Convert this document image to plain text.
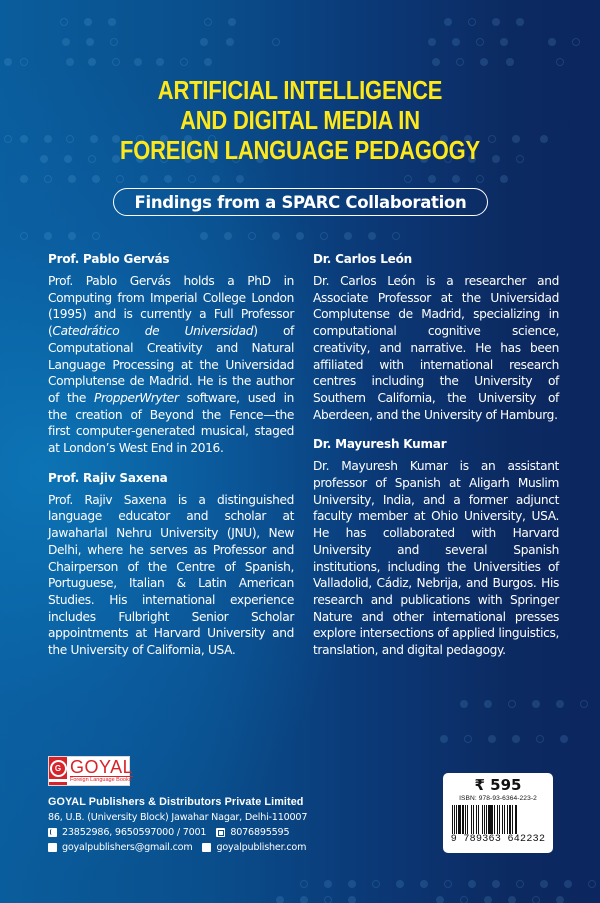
ARTIFICIAL INTELLIGENCE
AND DIGITAL MEDIA IN
FOREIGN LANGUAGE PEDAGOGY
Findings from a SPARC Collaboration
Prof. Pablo Gervás

Prof. Pablo Gervás holds a PhD in Computing from Imperial College London (1995) and is currently a Full Professor (Catedrático de Universidad) of Computational Creativity and Natural Language Processing at the Universidad Complutense de Madrid. He is the author of the PropperWryter software, used in the creation of Beyond the Fence—the first computer-generated musical, staged at London’s West End in 2016.

Prof. Rajiv Saxena

Prof. Rajiv Saxena is a distinguished language educator and scholar at Jawaharlal Nehru University (JNU), New Delhi, where he serves as Professor and Chairperson of the Centre of Spanish, Portuguese, Italian & Latin American Studies. His international experience includes Fulbright Senior Scholar appointments at Harvard University and the University of California, USA.

Dr. Carlos León

Dr. Carlos León is a researcher and Associate Professor at the Universidad Complutense de Madrid, specializing in computational cognitive science, creativity, and narrative. He has been affiliated with international research centres including the University of Southern California, the University of Aberdeen, and the University of Hamburg.

Dr. Mayuresh Kumar

Dr. Mayuresh Kumar is an assistant professor of Spanish at Aligarh Muslim University, India, and a former adjunct faculty member at Ohio University, USA. He has collaborated with Harvard University and several Spanish institutions, including the Universities of Valladolid, Cádiz, Nebrija, and Burgos. His research and publications with Springer Nature and other international presses explore intersections of applied linguistics, translation, and digital pedagogy.

G GOYAL
Foreign Language Books
GOYAL Publishers & Distributors Private Limited
86, U.B. (University Block) Jawahar Nagar, Delhi-110007
23852986, 9650597000 / 7001	8076895595
goyalpublishers@gmail.com	goyalpublisher.com
₹ 595
ISBN: 978-93-6364-223-2
9 789363 642232
